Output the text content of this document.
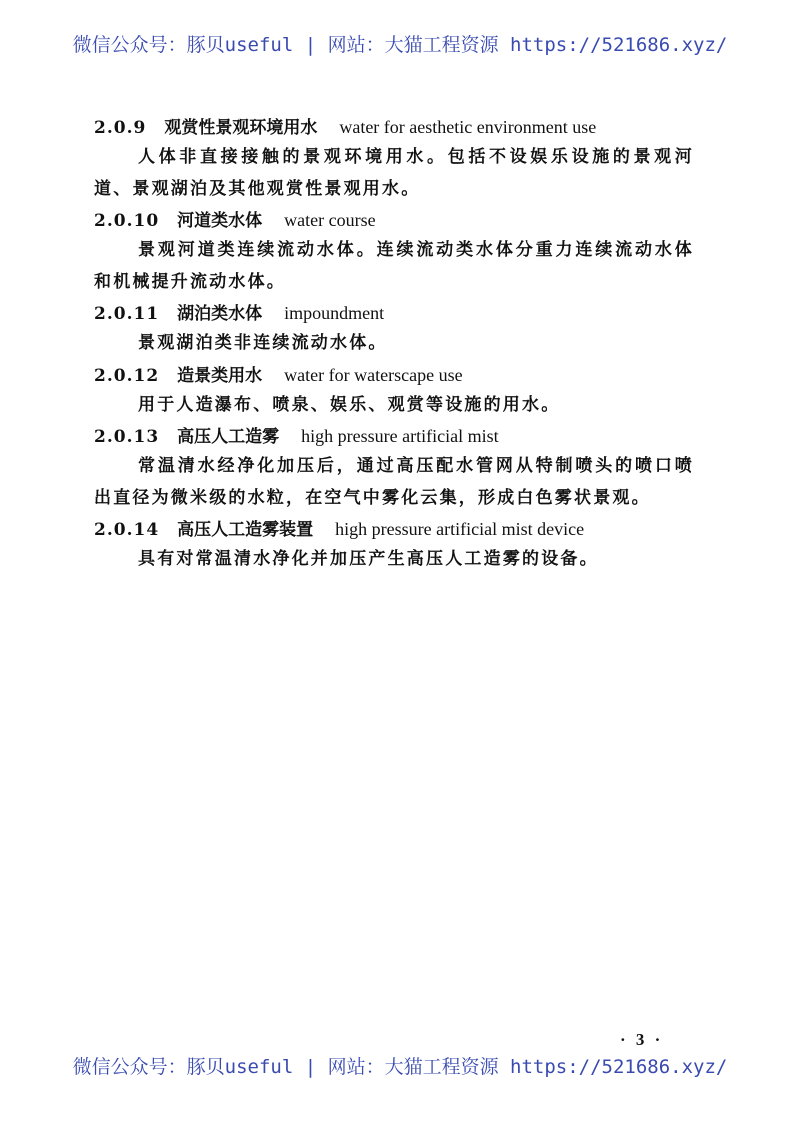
微信公众号：豚贝useful | 网站：大猫工程资源 https://521686.xyz/
2.0.9 观赏性景观环境用水 water for aesthetic environment use

人体非直接接触的景观环境用水。包括不设娱乐设施的景观河道、景观湖泊及其他观赏性景观用水。

2.0.10 河道类水体 water course

景观河道类连续流动水体。连续流动类水体分重力连续流动水体和机械提升流动水体。

2.0.11 湖泊类水体 impoundment

景观湖泊类非连续流动水体。

2.0.12 造景类用水 water for waterscape use

用于人造瀑布、喷泉、娱乐、观赏等设施的用水。

2.0.13 高压人工造雾 high pressure artificial mist

常温清水经净化加压后，通过高压配水管网从特制喷头的喷口喷出直径为微米级的水粒，在空气中雾化云集，形成白色雾状景观。

2.0.14 高压人工造雾装置 high pressure artificial mist device

具有对常温清水净化并加压产生高压人工造雾的设备。

· 3 ·
微信公众号：豚贝useful | 网站：大猫工程资源 https://521686.xyz/
